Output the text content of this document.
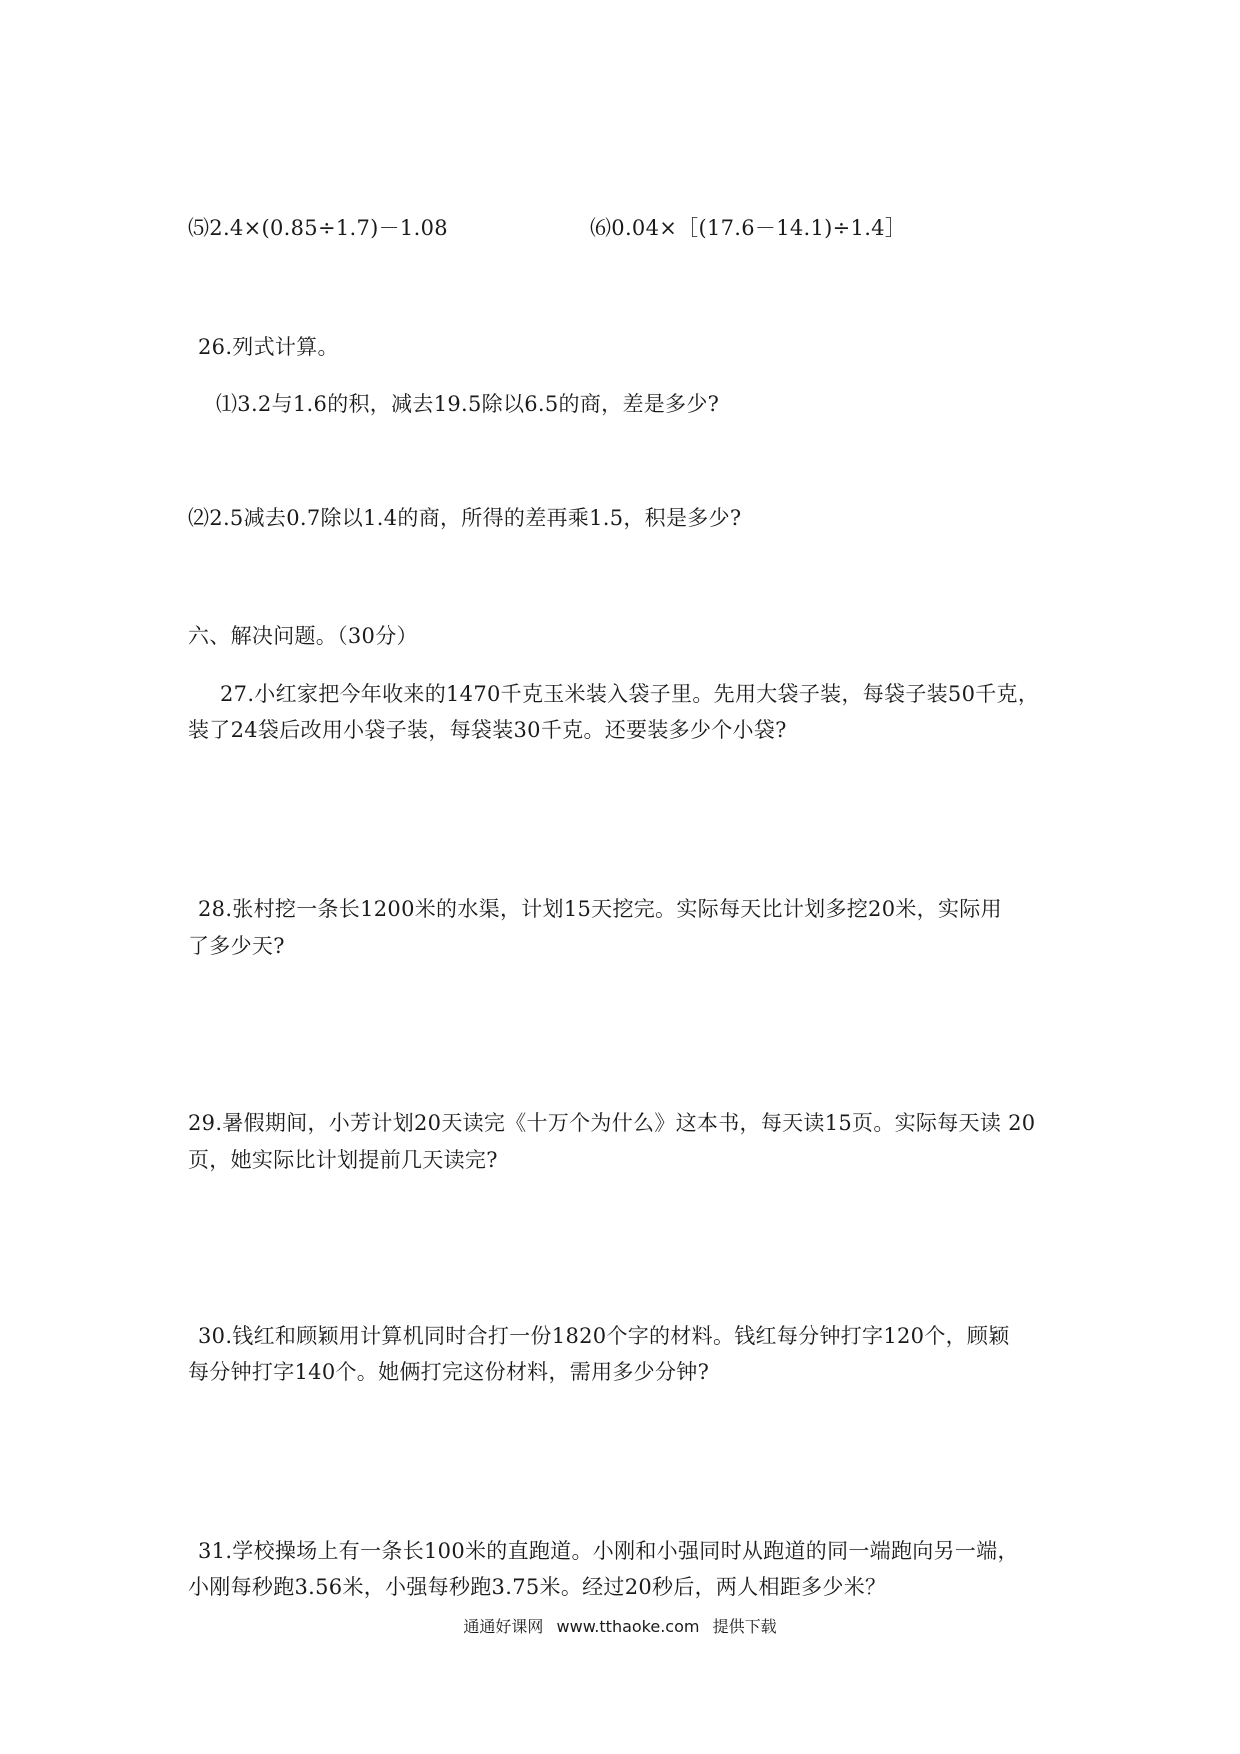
⑸2.4×(0.85÷1.7)－1.08	⑹0.04×［(17.6－14.1)÷1.4］
26.列式计算。
⑴3.2与1.6的积，减去19.5除以6.5的商，差是多少?
⑵2.5减去0.7除以1.4的商，所得的差再乘1.5，积是多少?
六、解决问题。（30分）
27.小红家把今年收来的1470千克玉米装入袋子里。先用大袋子装，每袋子装50千克，
装了24袋后改用小袋子装，每袋装30千克。还要装多少个小袋?
28.张村挖一条长1200米的水渠，计划15天挖完。实际每天比计划多挖20米，实际用
了多少天?
29.暑假期间，小芳计划20天读完《十万个为什么》这本书，每天读15页。实际每天读 20
页，她实际比计划提前几天读完?
30.钱红和顾颖用计算机同时合打一份1820个字的材料。钱红每分钟打字120个，顾颖
每分钟打字140个。她俩打完这份材料，需用多少分钟?
31.学校操场上有一条长100米的直跑道。小刚和小强同时从跑道的同一端跑向另一端，
小刚每秒跑3.56米，小强每秒跑3.75米。经过20秒后，两人相距多少米？
通通好课网 www.tthaoke.com 提供下载
